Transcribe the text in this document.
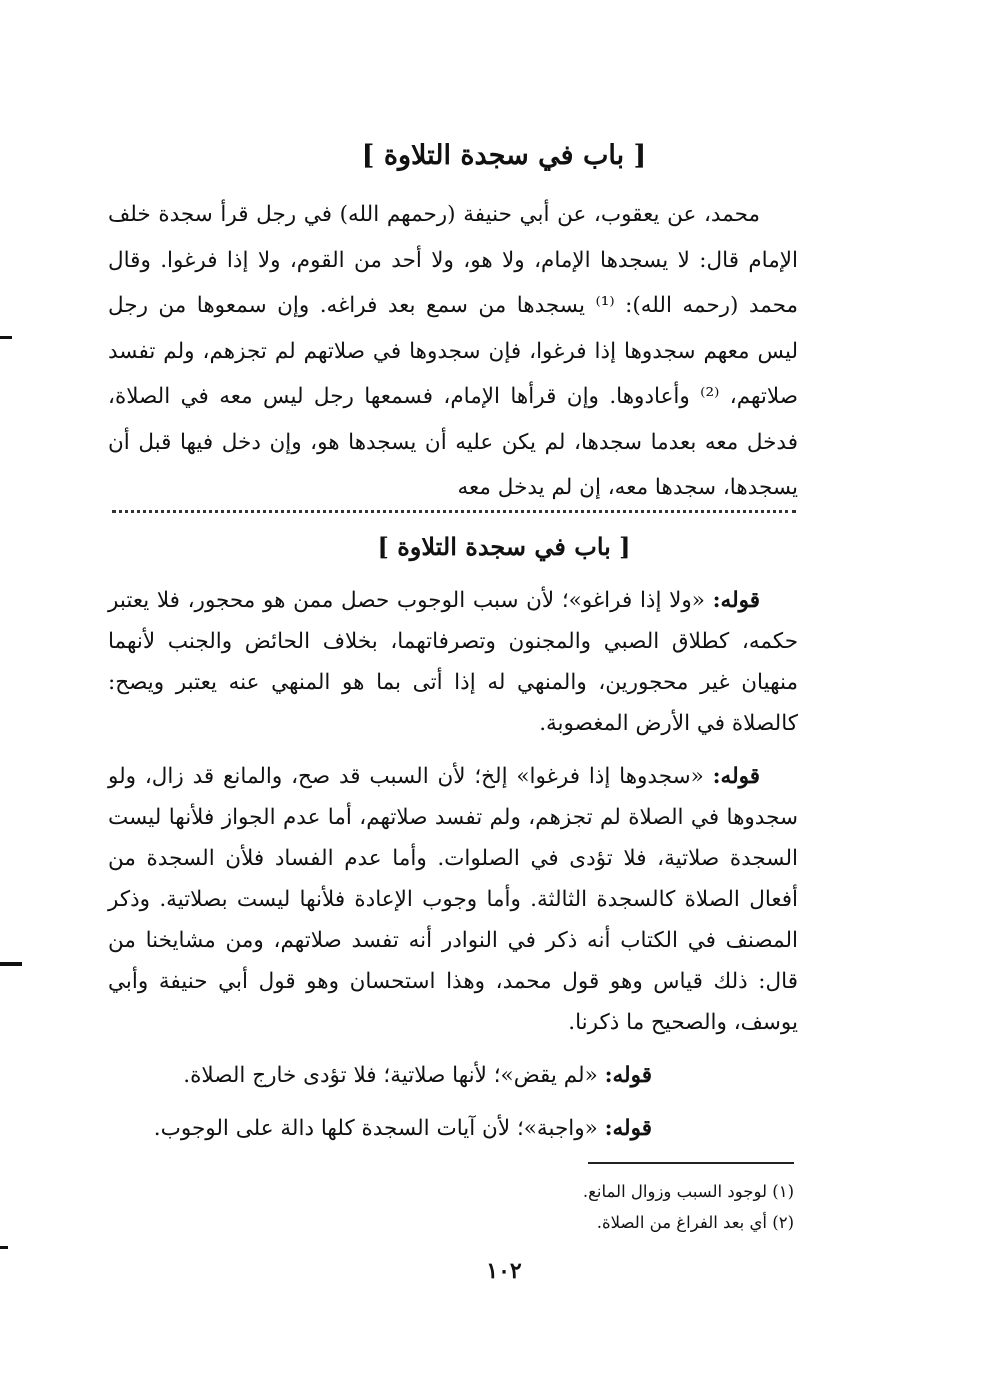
[ باب في سجدة التلاوة ]

محمد، عن يعقوب، عن أبي حنيفة (رحمهم الله) في رجل قرأ سجدة خلف الإمام قال: لا يسجدها الإمام، ولا هو، ولا أحد من القوم، ولا إذا فرغوا. وقال محمد (رحمه الله): ⁽¹⁾ يسجدها من سمع بعد فراغه. وإن سمعوها من رجل ليس معهم سجدوها إذا فرغوا، فإن سجدوها في صلاتهم لم تجزهم، ولم تفسد صلاتهم، ⁽²⁾ وأعادوها. وإن قرأها الإمام، فسمعها رجل ليس معه في الصلاة، فدخل معه بعدما سجدها، لم يكن عليه أن يسجدها هو، وإن دخل فيها قبل أن يسجدها، سجدها معه، إن لم يدخل معه

[ باب في سجدة التلاوة ]

قوله: «ولا إذا فراغو»؛ لأن سبب الوجوب حصل ممن هو محجور، فلا يعتبر حكمه، كطلاق الصبي والمجنون وتصرفاتهما، بخلاف الحائض والجنب لأنهما منهيان غير محجورين، والمنهي له إذا أتى بما هو المنهي عنه يعتبر ويصح: كالصلاة في الأرض المغصوبة.

قوله: «سجدوها إذا فرغوا» إلخ؛ لأن السبب قد صح، والمانع قد زال، ولو سجدوها في الصلاة لم تجزهم، ولم تفسد صلاتهم، أما عدم الجواز فلأنها ليست السجدة صلاتية، فلا تؤدى في الصلوات. وأما عدم الفساد فلأن السجدة من أفعال الصلاة كالسجدة الثالثة. وأما وجوب الإعادة فلأنها ليست بصلاتية. وذكر المصنف في الكتاب أنه ذكر في النوادر أنه تفسد صلاتهم، ومن مشايخنا من قال: ذلك قياس وهو قول محمد، وهذا استحسان وهو قول أبي حنيفة وأبي يوسف، والصحيح ما ذكرنا.

قوله: «لم يقض»؛ لأنها صلاتية؛ فلا تؤدى خارج الصلاة.

قوله: «واجبة»؛ لأن آيات السجدة كلها دالة على الوجوب.

(١) لوجود السبب وزوال المانع.
(٢) أي بعد الفراغ من الصلاة.
١٠٢
